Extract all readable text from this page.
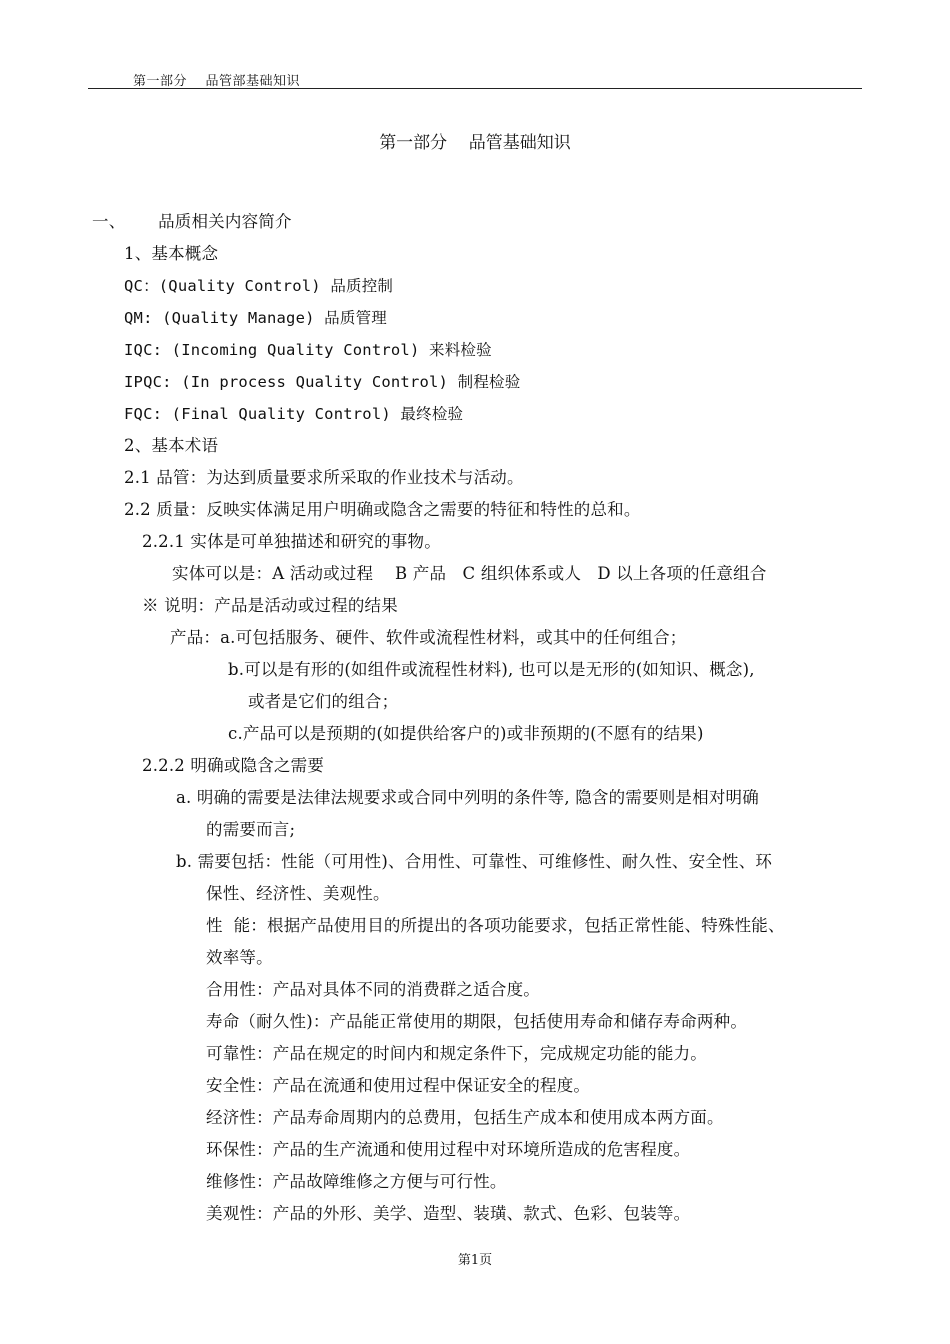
第一部分    品管部基础知识
第一部分    品管基础知识
一、      品质相关内容简介
1、基本概念
QC：(Quality Control) 品质控制
QM: (Quality Manage) 品质管理
IQC: (Incoming Quality Control) 来料检验
IPQC: (In process Quality Control) 制程检验
FQC: (Final Quality Control) 最终检验
2、基本术语
2.1 品管：为达到质量要求所采取的作业技术与活动。
2.2 质量：反映实体满足用户明确或隐含之需要的特征和特性的总和。
2.2.1 实体是可单独描述和研究的事物。
实体可以是：A 活动或过程    B 产品   C 组织体系或人   D 以上各项的任意组合
※ 说明：产品是活动或过程的结果
产品：a.可包括服务、硬件、软件或流程性材料，或其中的任何组合；
b.可以是有形的(如组件或流程性材料), 也可以是无形的(如知识、概念),
或者是它们的组合；
c.产品可以是预期的(如提供给客户的)或非预期的(不愿有的结果)
2.2.2 明确或隐含之需要
a. 明确的需要是法律法规要求或合同中列明的条件等, 隐含的需要则是相对明确
的需要而言;
b. 需要包括：性能（可用性)、合用性、可靠性、可维修性、耐久性、安全性、环
保性、经济性、美观性。
性  能：根据产品使用目的所提出的各项功能要求，包括正常性能、特殊性能、
效率等。
合用性：产品对具体不同的消费群之适合度。
寿命（耐久性)：产品能正常使用的期限，包括使用寿命和储存寿命两种。
可靠性：产品在规定的时间内和规定条件下，完成规定功能的能力。
安全性：产品在流通和使用过程中保证安全的程度。
经济性：产品寿命周期内的总费用，包括生产成本和使用成本两方面。
环保性：产品的生产流通和使用过程中对环境所造成的危害程度。
维修性：产品故障维修之方便与可行性。
美观性：产品的外形、美学、造型、装璜、款式、色彩、包装等。
第1页
